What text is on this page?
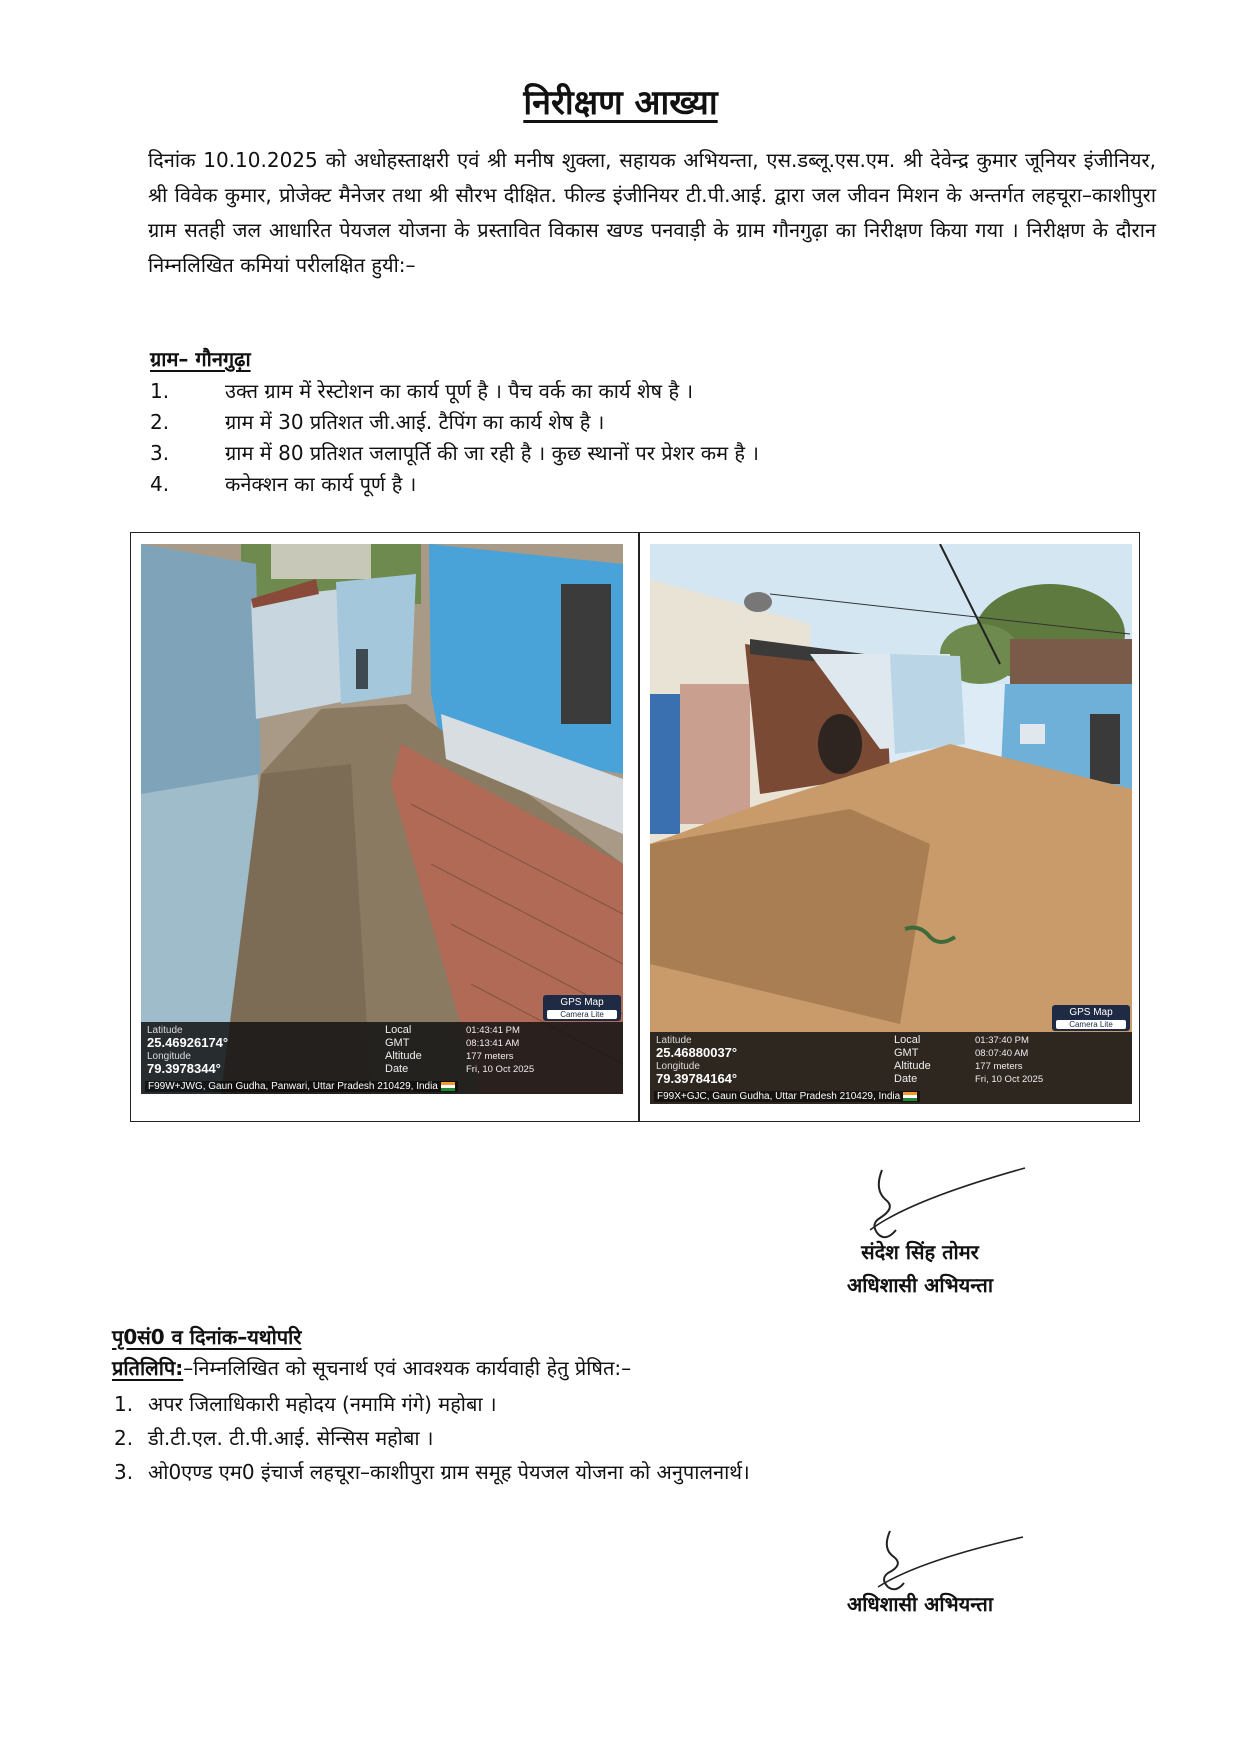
निरीक्षण आख्या
दिनांक 10.10.2025 को अधोहस्ताक्षरी एवं श्री मनीष शुक्ला, सहायक अभियन्ता, एस.डब्लू.एस.एम. श्री देवेन्द्र कुमार जूनियर इंजीनियर, श्री विवेक कुमार, प्रोजेक्ट मैनेजर तथा श्री सौरभ दीक्षित. फील्ड इंजीनियर टी.पी.आई. द्वारा जल जीवन मिशन के अन्तर्गत लहचूरा–काशीपुरा ग्राम सतही जल आधारित पेयजल योजना के प्रस्तावित विकास खण्ड पनवाड़ी के ग्राम गौनगुढ़ा का निरीक्षण किया गया । निरीक्षण के दौरान निम्नलिखित कमियां परीलक्षित हुयी:–
ग्राम– गौनगुढ़ा
1.	उक्त ग्राम में रेस्टोशन का कार्य पूर्ण है । पैच वर्क का कार्य शेष है ।
2.	ग्राम में 30 प्रतिशत जी.आई. टैपिंग का कार्य शेष है ।
3.	ग्राम में 80 प्रतिशत जलापूर्ति की जा रही है । कुछ स्थानों पर प्रेशर कम है ।
4.	कनेक्शन का कार्य पूर्ण है ।
GPS Map
Camera Lite
Latitude
25.46926174°
Longitude
79.3978344°
Local	01:43:41 PM
GMT	08:13:41 AM
Altitude	177 meters
Date	Fri, 10 Oct 2025
F99W+JWG, Gaun Gudha, Panwari, Uttar Pradesh 210429, India
GPS Map
Camera Lite
Latitude
25.46880037°
Longitude
79.39784164°
Local	01:37:40 PM
GMT	08:07:40 AM
Altitude	177 meters
Date	Fri, 10 Oct 2025
F99X+GJC, Gaun Gudha, Uttar Pradesh 210429, India
संदेश सिंह तोमर
अधिशासी अभियन्ता
पृ0सं0 व दिनांक–यथोपरि
प्रतिलिपि:–निम्नलिखित को सूचनार्थ एवं आवश्यक कार्यवाही हेतु प्रेषित:–
1. अपर जिलाधिकारी महोदय (नमामि गंगे) महोबा ।
2. डी.टी.एल. टी.पी.आई. सेन्सिस महोबा ।
3. ओ0एण्ड एम0 इंचार्ज लहचूरा–काशीपुरा ग्राम समूह पेयजल योजना को अनुपालनार्थ।
अधिशासी अभियन्ता
